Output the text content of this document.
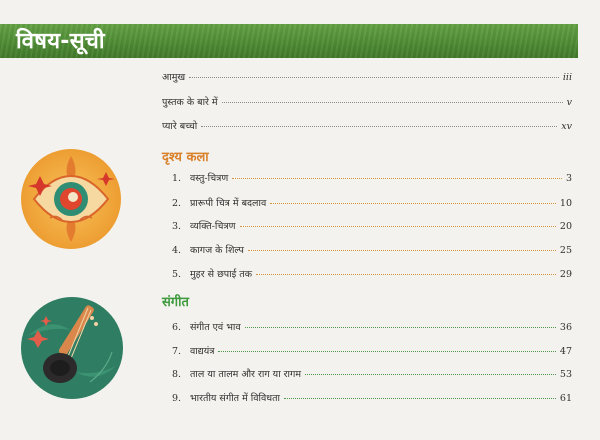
विषय-सूची
आमुख	iii
पुस्तक के बारे में	v
प्यारे बच्चो	xv
दृश्य कला
1. वस्तु-चित्रण	3
2. प्रारूपी चित्र में बदलाव	10
3. व्यक्ति-चित्रण	20
4. कागज के शिल्प	25
5. मुहर से छपाई तक	29
संगीत
6. संगीत एवं भाव	36
7. वाद्ययंत्र	47
8. ताल या तालम और राग या रागम	53
9. भारतीय संगीत में विविधता	61
